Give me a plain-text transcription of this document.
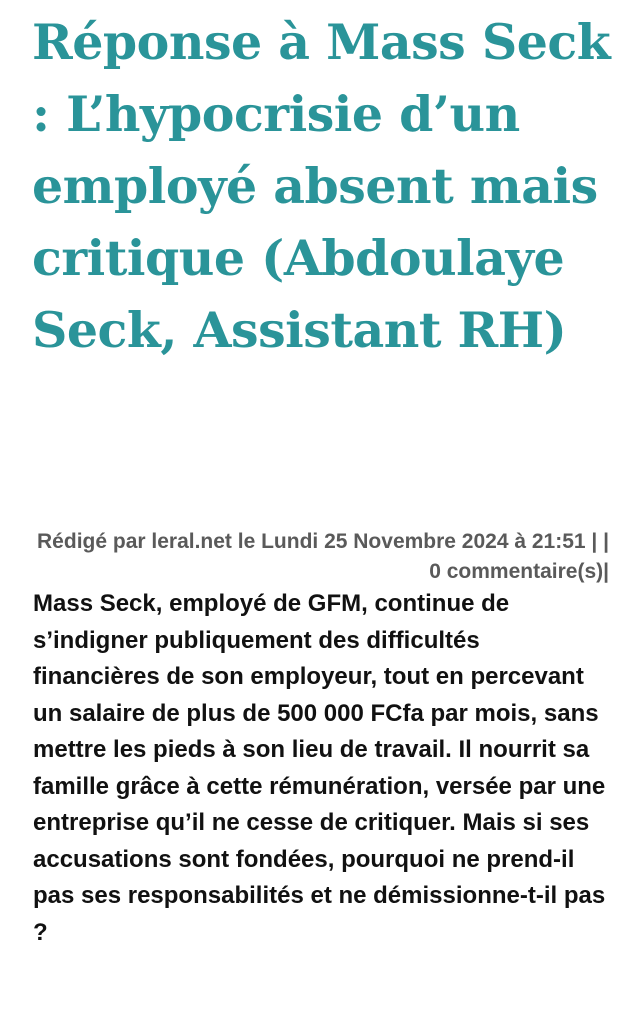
Réponse à Mass Seck : L’hypocrisie d’un employé absent mais critique (Abdoulaye Seck, Assistant RH)

Rédigé par leral.net le Lundi 25 Novembre 2024 à 21:51 | | 0 commentaire(s)|

Mass Seck, employé de GFM, continue de s’indigner publiquement des difficultés financières de son employeur, tout en percevant un salaire de plus de 500 000 FCfa par mois, sans mettre les pieds à son lieu de travail. Il nourrit sa famille grâce à cette rémunération, versée par une entreprise qu’il ne cesse de critiquer. Mais si ses accusations sont fondées, pourquoi ne prend-il pas ses responsabilités et ne démissionne-t-il pas ?
